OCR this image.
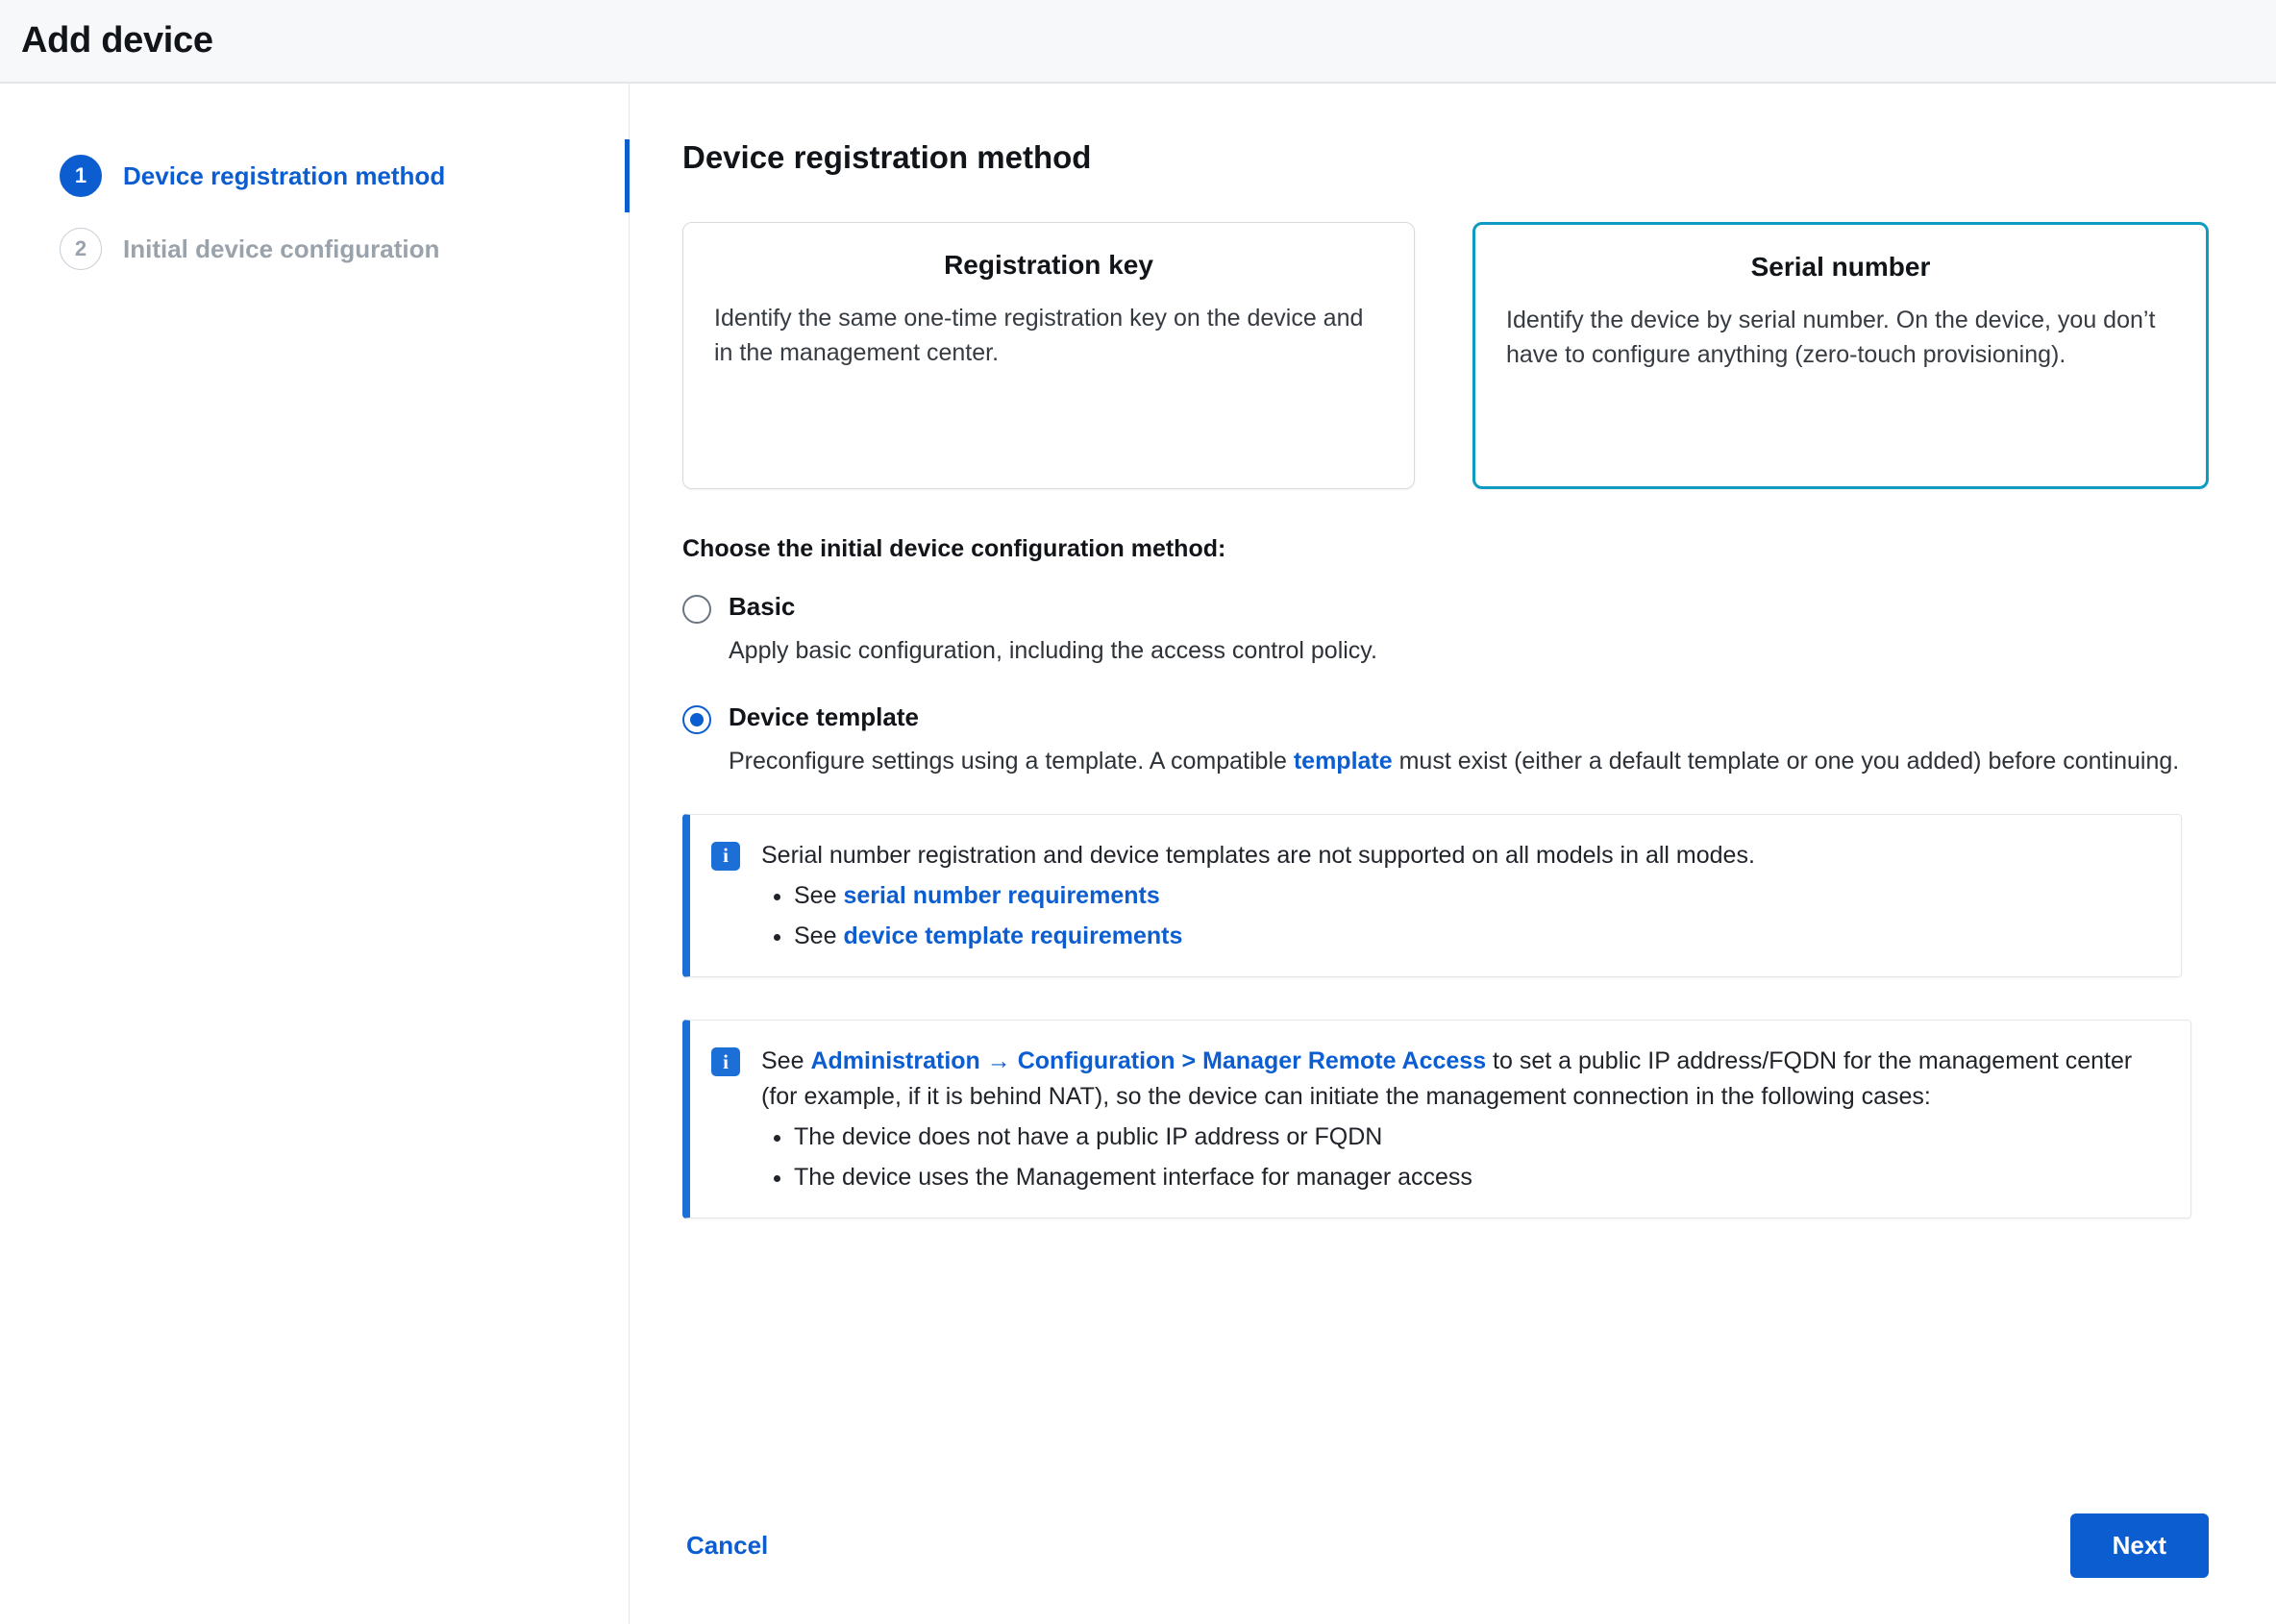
Add device
1	Device registration method
2	Initial device configuration
Device registration method
Registration key
Identify the same one-time registration key on the device and in the management center.
Serial number
Identify the device by serial number. On the device, you don’t have to configure anything (zero-touch provisioning).
Choose the initial device configuration method:
Basic
Apply basic configuration, including the access control policy.
Device template
Preconfigure settings using a template. A compatible template must exist (either a default template or one you added) before continuing.
i	Serial number registration and device templates are not supported on all models in all modes.
• See serial number requirements
• See device template requirements
i	See Administration → Configuration > Manager Remote Access to set a public IP address/FQDN for the management center (for example, if it is behind NAT), so the device can initiate the management connection in the following cases:
• The device does not have a public IP address or FQDN
• The device uses the Management interface for manager access
Cancel	Next
